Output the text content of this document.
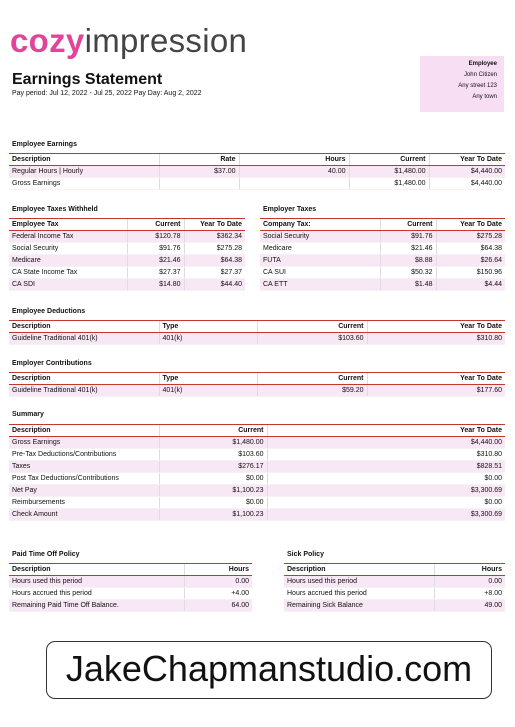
cozyimpression
Earnings Statement
Pay period: Jul 12, 2022 - Jul 25, 2022 Pay Day: Aug 2, 2022
Employee
John Citizen
Any street 123
Any town
Employee Earnings
Description	Rate	Hours	Current	Year To Date
Regular Hours | Hourly	$37.00	40.00	$1,480.00	$4,440.00
Gross Earnings			$1,480.00	$4,440.00
Employee Taxes Withheld
Employee Tax	Current	Year To Date
Federal Income Tax	$120.78	$362.34
Social Security	$91.76	$275.28
Medicare	$21.46	$64.38
CA State Income Tax	$27.37	$27.37
CA SDI	$14.80	$44.40
Employer Taxes
Company Tax:	Current	Year To Date
Social Security	$91.76	$275.28
Medicare	$21.46	$64.38
FUTA	$8.88	$26.64
CA SUI	$50.32	$150.96
CA ETT	$1.48	$4.44
Employee Deductions
Description	Type	Current	Year To Date
Guideline Traditional 401(k)	401(k)	$103.60	$310.80
Employer Contributions
Description	Type	Current	Year To Date
Guideline Traditional 401(k)	401(k)	$59.20	$177.60
Summary
Description	Current	Year To Date
Gross Earnings	$1,480.00	$4,440.00
Pre-Tax Deductions/Contributions	$103.60	$310.80
Taxes	$276.17	$828.51
Post Tax Deductions/Contributions	$0.00	$0.00
Net Pay	$1,100.23	$3,300.69
Reimbursements	$0.00	$0.00
Check Amount	$1,100.23	$3,300.69
Paid Time Off Policy
Description	Hours
Hours used this period	0.00
Hours accrued this period	+4.00
Remaining Paid Time Off Balance.	64.00
Sick Policy
Description	Hours
Hours used this period	0.00
Hours accrued this period	+8.00
Remaining Sick Balance	49.00
JakeChapmanstudio.com
